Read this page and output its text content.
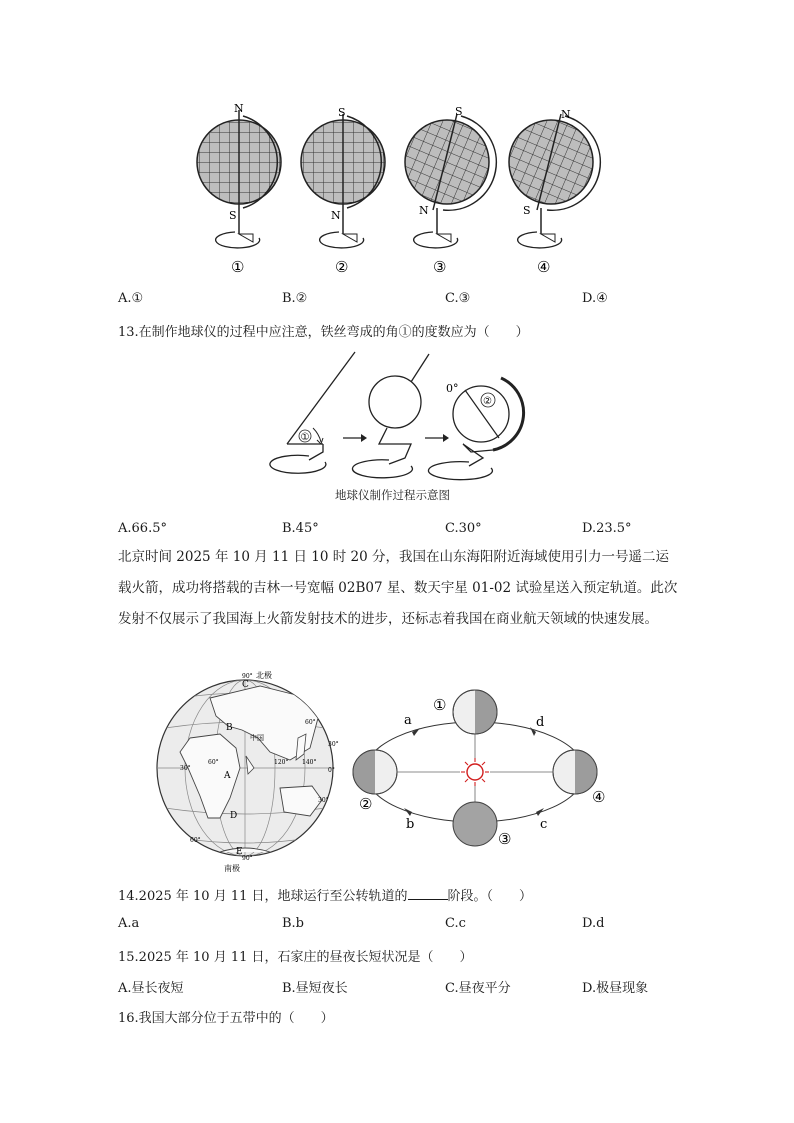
N
S
①
S
N
②
S
N
③
N
S
④
A.①	B.②	C.③	D.④
13.在制作地球仪的过程中应注意，铁丝弯成的角①的度数应为（　　）
①
②
0°
地球仪制作过程示意图
A.66.5°	B.45°	C.30°	D.23.5°
北京时间 2025 年 10 月 11 日 10 时 20 分，我国在山东海阳附近海域使用引力一号遥二运载火箭，成功将搭载的吉林一号宽幅 02B07 星、数天宇星 01-02 试验星送入预定轨道。此次发射不仅展示了我国海上火箭发射技术的进步，还标志着我国在商业航天领域的快速发展。
90° 北极
C
B
中国
A
D
E
30°
60°	120° 140°
60°
30°
0°
30°
60°
90°
南极
①
②
③
④
a
b	c
d
14.2025 年 10 月 11 日，地球运行至公转轨道的	阶段。（　　）
A.a	B.b	C.c	D.d
15.2025 年 10 月 11 日，石家庄的昼夜长短状况是（　　）
A.昼长夜短	B.昼短夜长	C.昼夜平分	D.极昼现象
16.我国大部分位于五带中的（　　）
